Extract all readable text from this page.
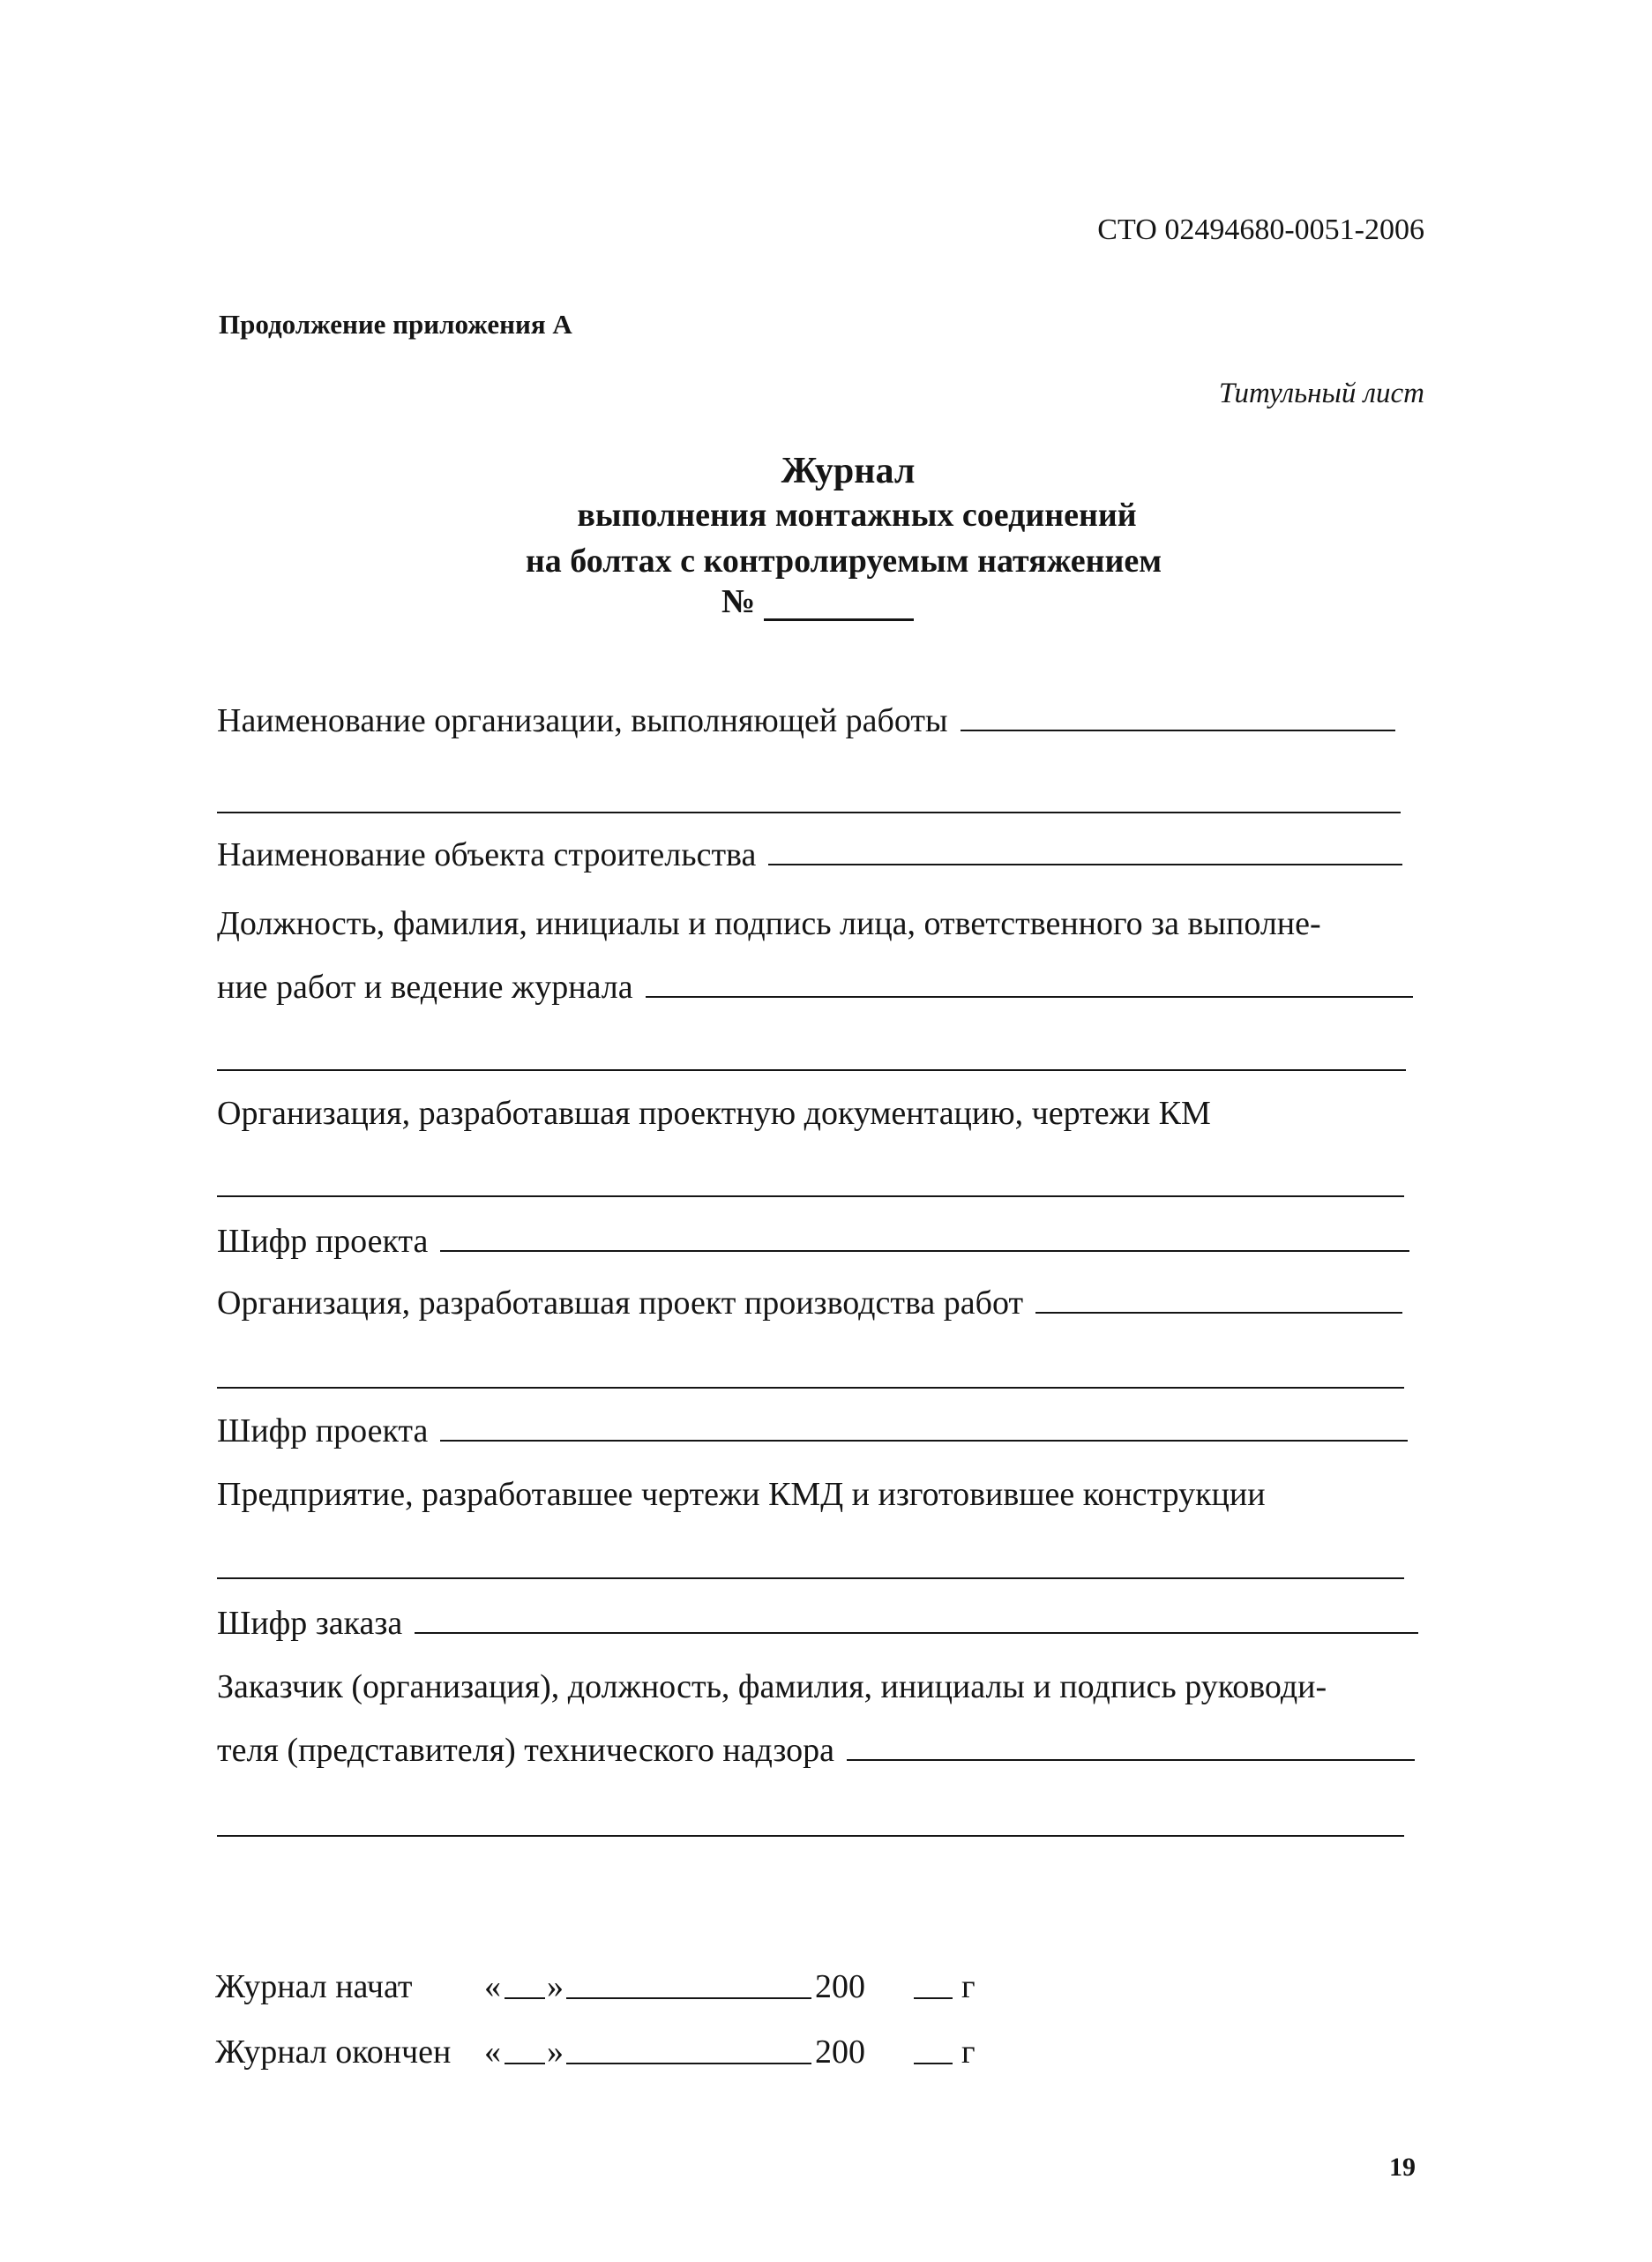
СТО 02494680-0051-2006
Продолжение приложения А
Титульный лист
Журнал
выполнения монтажных соединений
на болтах с контролируемым натяжением
№
Наименование организации, выполняющей работы
Наименование объекта строительства
Должность, фамилия, инициалы и подпись лица, ответственного за выполне-
ние работ и ведение журнала
Организация, разработавшая проектную документацию, чертежи КМ
Шифр проекта
Организация, разработавшая проект производства работ
Шифр проекта
Предприятие, разработавшее чертежи КМД и изготовившее конструкции
Шифр заказа
Заказчик (организация), должность, фамилия, инициалы и подпись руководи-
теля (представителя) технического надзора
Журнал начат « »	200	г
Журнал окончен « »	200	г
19
